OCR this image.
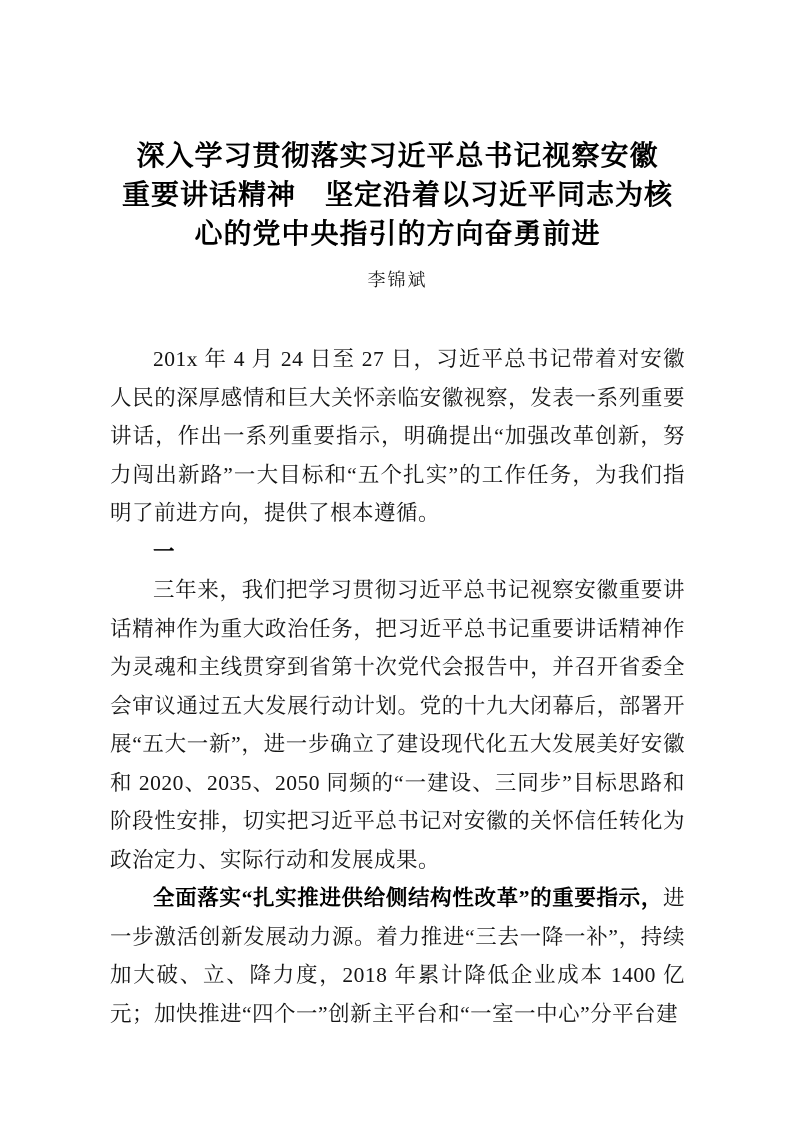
深入学习贯彻落实习近平总书记视察安徽
重要讲话精神　坚定沿着以习近平同志为核
心的党中央指引的方向奋勇前进
李锦斌

201x 年 4 月 24 日至 27 日，习近平总书记带着对安徽人民的深厚感情和巨大关怀亲临安徽视察，发表一系列重要讲话，作出一系列重要指示，明确提出“加强改革创新，努力闯出新路”一大目标和“五个扎实”的工作任务，为我们指明了前进方向，提供了根本遵循。

一

三年来，我们把学习贯彻习近平总书记视察安徽重要讲话精神作为重大政治任务，把习近平总书记重要讲话精神作为灵魂和主线贯穿到省第十次党代会报告中，并召开省委全会审议通过五大发展行动计划。党的十九大闭幕后，部署开展“五大一新”，进一步确立了建设现代化五大发展美好安徽和 2020、2035、2050 同频的“一建设、三同步”目标思路和阶段性安排，切实把习近平总书记对安徽的关怀信任转化为政治定力、实际行动和发展成果。

全面落实“扎实推进供给侧结构性改革”的重要指示，进一步激活创新发展动力源。着力推进“三去一降一补”，持续加大破、立、降力度，2018 年累计降低企业成本 1400 亿元；加快推进“四个一”创新主平台和“一室一中心”分平台建
